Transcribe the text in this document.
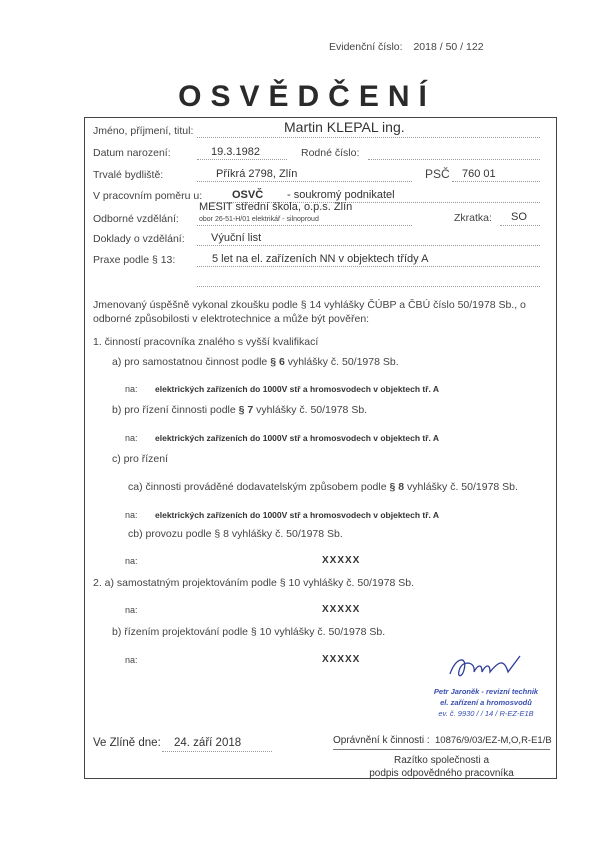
Evidenční číslo: 2018 / 50 / 122
OSVĚDČENÍ
Jméno, příjmení, titul:	Martin KLEPAL ing.
Datum narození:	19.3.1982	Rodné číslo:
Trvalé bydliště:	Příkrá 2798, Zlín	PSČ 760 01
V pracovním poměru u:	OSVČ - soukromý podnikatel
Odborné vzdělání:
MESIT střední škola, o.p.s. Zlín
obor 26-51-H/01 elektrikář - silnoproud	Zkratka: SO
Doklady o vzdělání: Výuční list
Praxe podle § 13:	5 let na el. zařízeních NN v objektech třídy A
Jmenovaný úspěšně vykonal zkoušku podle § 14 vyhlášky ČÚBP a ČBÚ číslo 50/1978 Sb., o odborné způsobilosti v elektrotechnice a může být pověřen:
1. činností pracovníka znalého s vyšší kvalifikací
a) pro samostatnou činnost podle § 6 vyhlášky č. 50/1978 Sb.
na: elektrických zařízeních do 1000V stř a hromosvodech v objektech tř. A
b) pro řízení činnosti podle § 7 vyhlášky č. 50/1978 Sb.
na: elektrických zařízeních do 1000V stř a hromosvodech v objektech tř. A
c) pro řízení
ca) činnosti prováděné dodavatelským způsobem podle § 8 vyhlášky č. 50/1978 Sb.
na: elektrických zařízeních do 1000V stř a hromosvodech v objektech tř. A
cb) provozu podle § 8 vyhlášky č. 50/1978 Sb.
na:	XXXXX
2. a) samostatným projektováním podle § 10 vyhlášky č. 50/1978 Sb.
na:	XXXXX
b) řízením projektování podle § 10 vyhlášky č. 50/1978 Sb.
na:	XXXXX
Petr Jaroněk - revizní technik
el. zařízení a hromosvodů
ev. č. 9930 / / 14 / R-EZ-E1B
Ve Zlíně dne: 24. září 2018	Oprávnění k činnosti : 10876/9/03/EZ-M,O,R-E1/B
Razítko společnosti a
podpis odpovědného pracovníka
